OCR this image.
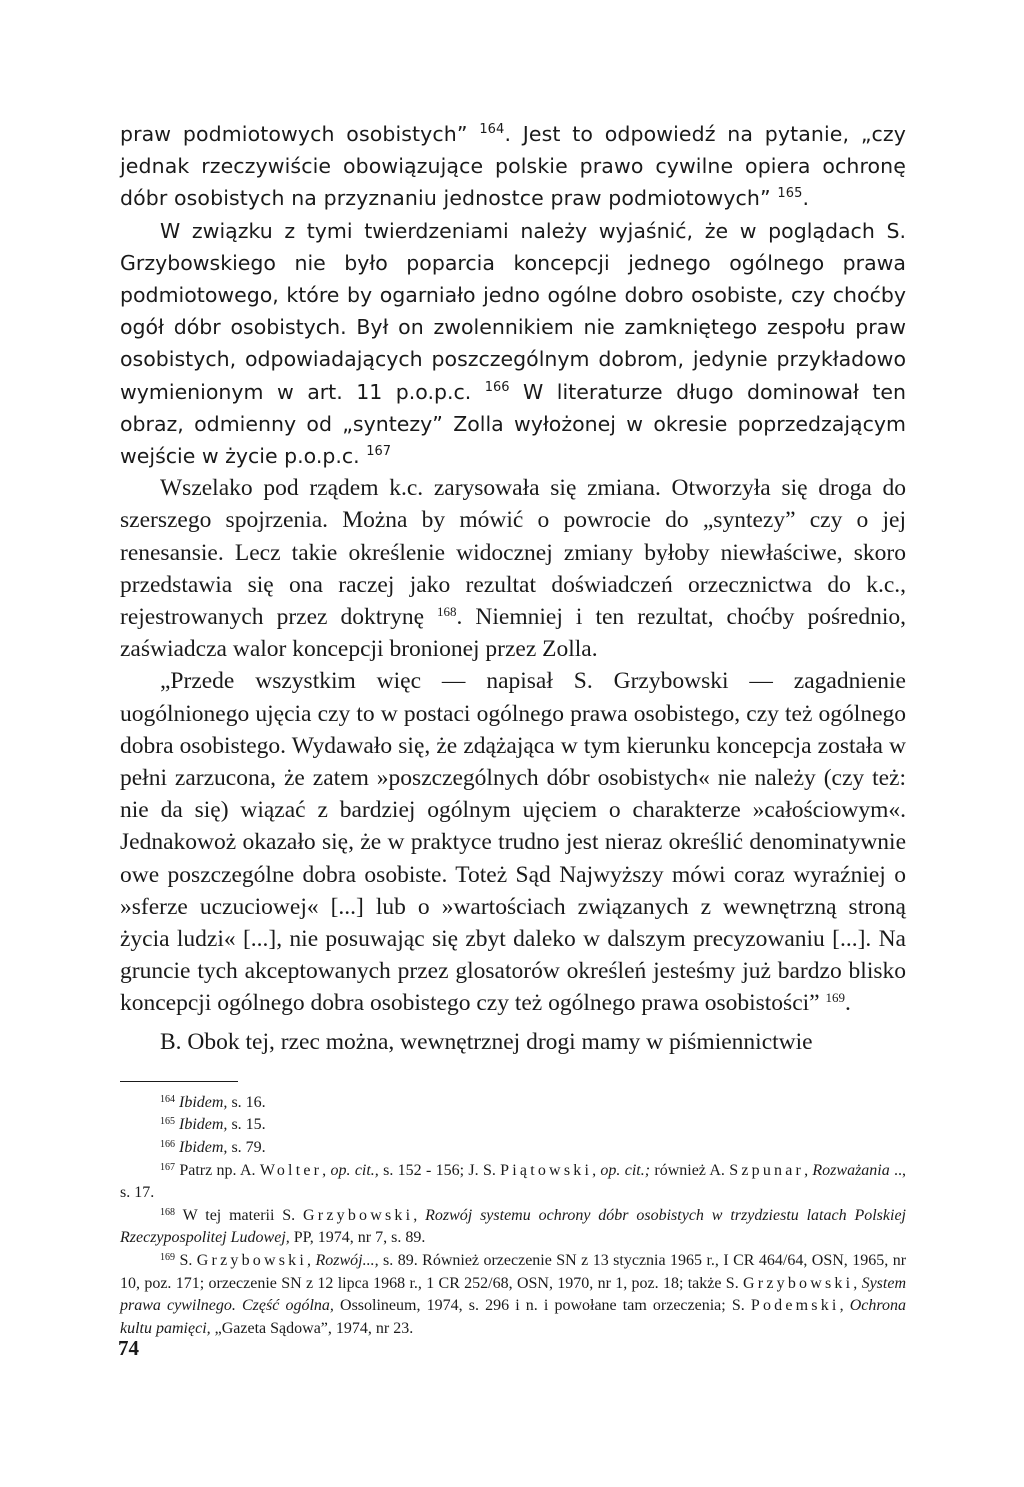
praw podmiotowych osobistych” $^{164}$. Jest to odpowiedź na pytanie, „czy jednak rzeczywiście obowiązujące polskie prawo cywilne opiera ochronę dóbr osobistych na przyznaniu jednostce praw podmiotowych” $^{165}$.

W związku z tymi twierdzeniami należy wyjaśnić, że w poglądach S. Grzybowskiego nie było poparcia koncepcji jednego ogólnego prawa podmiotowego, które by ogarniało jedno ogólne dobro osobiste, czy choćby ogół dóbr osobistych. Był on zwolennikiem nie zamkniętego zespołu praw osobistych, odpowiadających poszczególnym dobrom, jedynie przykładowo wymienionym w art. 11 p.o.p.c. $^{166}$ W literaturze długo dominował ten obraz, odmienny od „syntezy” Zolla wyłożonej w okresie poprzedzającym wejście w życie p.o.p.c. $^{167}$

Wszelako pod rządem k.c. zarysowała się zmiana. Otworzyła się droga do szerszego spojrzenia. Można by mówić o powrocie do „syntezy” czy o jej renesansie. Lecz takie określenie widocznej zmiany byłoby niewłaściwe, skoro przedstawia się ona raczej jako rezultat doświadczeń orzecznictwa do k.c., rejestrowanych przez doktrynę $^{168}$. Niemniej i ten rezultat, choćby pośrednio, zaświadcza walor koncepcji bronionej przez Zolla.

„Przede wszystkim więc — napisał S. Grzybowski — zagadnienie uogólnionego ujęcia czy to w postaci ogólnego prawa osobistego, czy też ogólnego dobra osobistego. Wydawało się, że zdążająca w tym kierunku koncepcja została w pełni zarzucona, że zatem »poszczególnych dóbr osobistych« nie należy (czy też: nie da się) wiązać z bardziej ogólnym ujęciem o charakterze »całościowym«. Jednakowoż okazało się, że w praktyce trudno jest nieraz określić denominatywnie owe poszczególne dobra osobiste. Toteż Sąd Najwyższy mówi coraz wyraźniej o »sferze uczuciowej« [...] lub o »wartościach związanych z wewnętrzną stroną życia ludzi« [...], nie posuwając się zbyt daleko w dalszym precyzowaniu [...]. Na gruncie tych akceptowanych przez glosatorów określeń jesteśmy już bardzo blisko koncepcji ogólnego dobra osobistego czy też ogólnego prawa osobistości” $^{169}$.

B. Obok tej, rzec można, wewnętrznej drogi mamy w piśmiennictwie

$^{164}$ Ibidem, s. 16.

$^{165}$ Ibidem, s. 15.

$^{166}$ Ibidem, s. 79.

$^{167}$ Patrz np. A. Wolter, op. cit., s. 152 - 156; J. S. Piątowski, op. cit.; również A. Szpunar, Rozważania .., s. 17.

$^{168}$ W tej materii S. Grzybowski, Rozwój systemu ochrony dóbr osobistych w trzydziestu latach Polskiej Rzeczypospolitej Ludowej, PP, 1974, nr 7, s. 89.

$^{169}$ S. Grzybowski, Rozwój..., s. 89. Również orzeczenie SN z 13 stycznia 1965 r., I CR 464/64, OSN, 1965, nr 10, poz. 171; orzeczenie SN z 12 lipca 1968 r., 1 CR 252/68, OSN, 1970, nr 1, poz. 18; także S. Grzybowski, System prawa cywilnego. Część ogólna, Ossolineum, 1974, s. 296 i n. i powołane tam orzeczenia; S. Podemski, Ochrona kultu pamięci, „Gazeta Sądowa”, 1974, nr 23.

74
